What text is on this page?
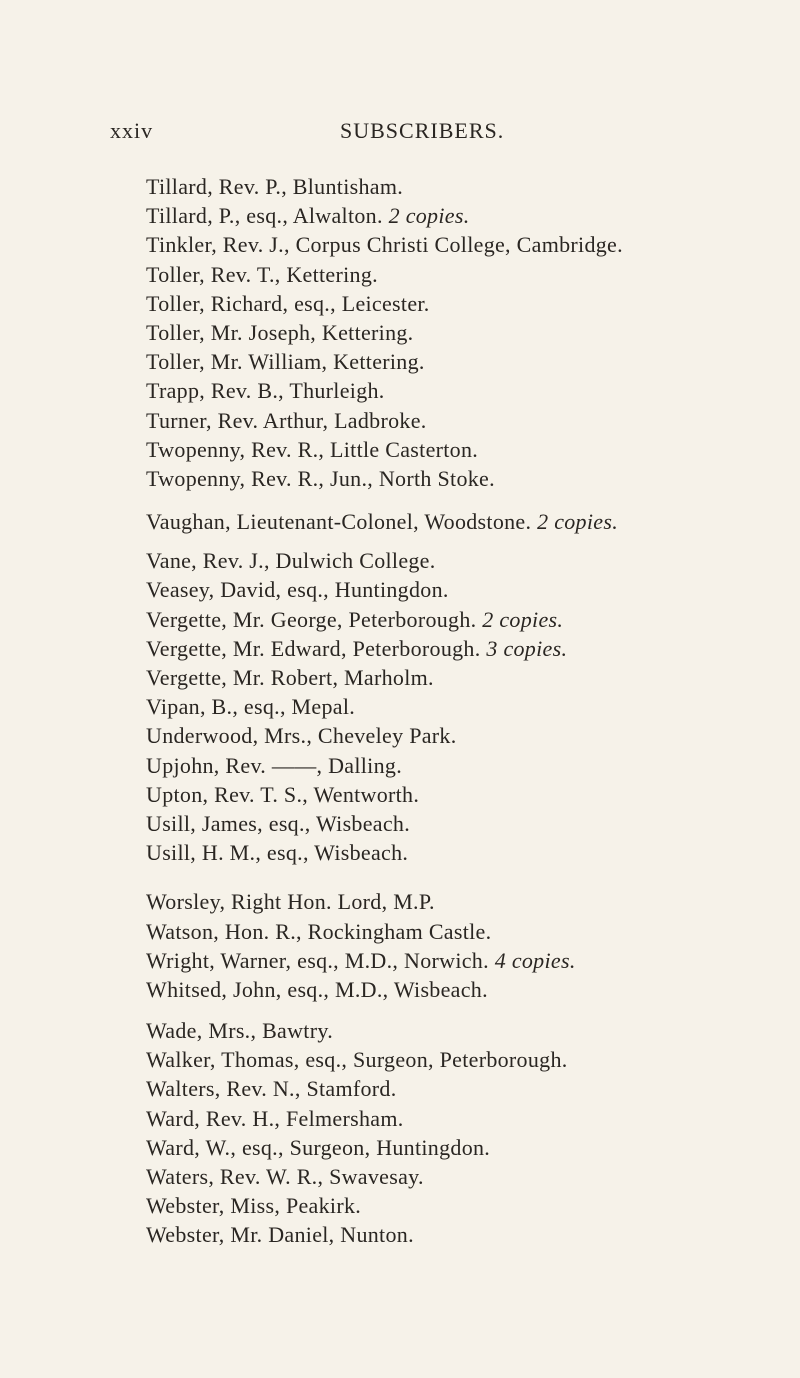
xxiv	SUBSCRIBERS.
Tillard, Rev. P., Bluntisham.
Tillard, P., esq., Alwalton. 2 copies.
Tinkler, Rev. J., Corpus Christi College, Cambridge.
Toller, Rev. T., Kettering.
Toller, Richard, esq., Leicester.
Toller, Mr. Joseph, Kettering.
Toller, Mr. William, Kettering.
Trapp, Rev. B., Thurleigh.
Turner, Rev. Arthur, Ladbroke.
Twopenny, Rev. R., Little Casterton.
Twopenny, Rev. R., Jun., North Stoke.
Vaughan, Lieutenant-Colonel, Woodstone. 2 copies.
Vane, Rev. J., Dulwich College.
Veasey, David, esq., Huntingdon.
Vergette, Mr. George, Peterborough. 2 copies.
Vergette, Mr. Edward, Peterborough. 3 copies.
Vergette, Mr. Robert, Marholm.
Vipan, B., esq., Mepal.
Underwood, Mrs., Cheveley Park.
Upjohn, Rev. ——, Dalling.
Upton, Rev. T. S., Wentworth.
Usill, James, esq., Wisbeach.
Usill, H. M., esq., Wisbeach.
Worsley, Right Hon. Lord, M.P.
Watson, Hon. R., Rockingham Castle.
Wright, Warner, esq., M.D., Norwich. 4 copies.
Whitsed, John, esq., M.D., Wisbeach.
Wade, Mrs., Bawtry.
Walker, Thomas, esq., Surgeon, Peterborough.
Walters, Rev. N., Stamford.
Ward, Rev. H., Felmersham.
Ward, W., esq., Surgeon, Huntingdon.
Waters, Rev. W. R., Swavesay.
Webster, Miss, Peakirk.
Webster, Mr. Daniel, Nunton.
